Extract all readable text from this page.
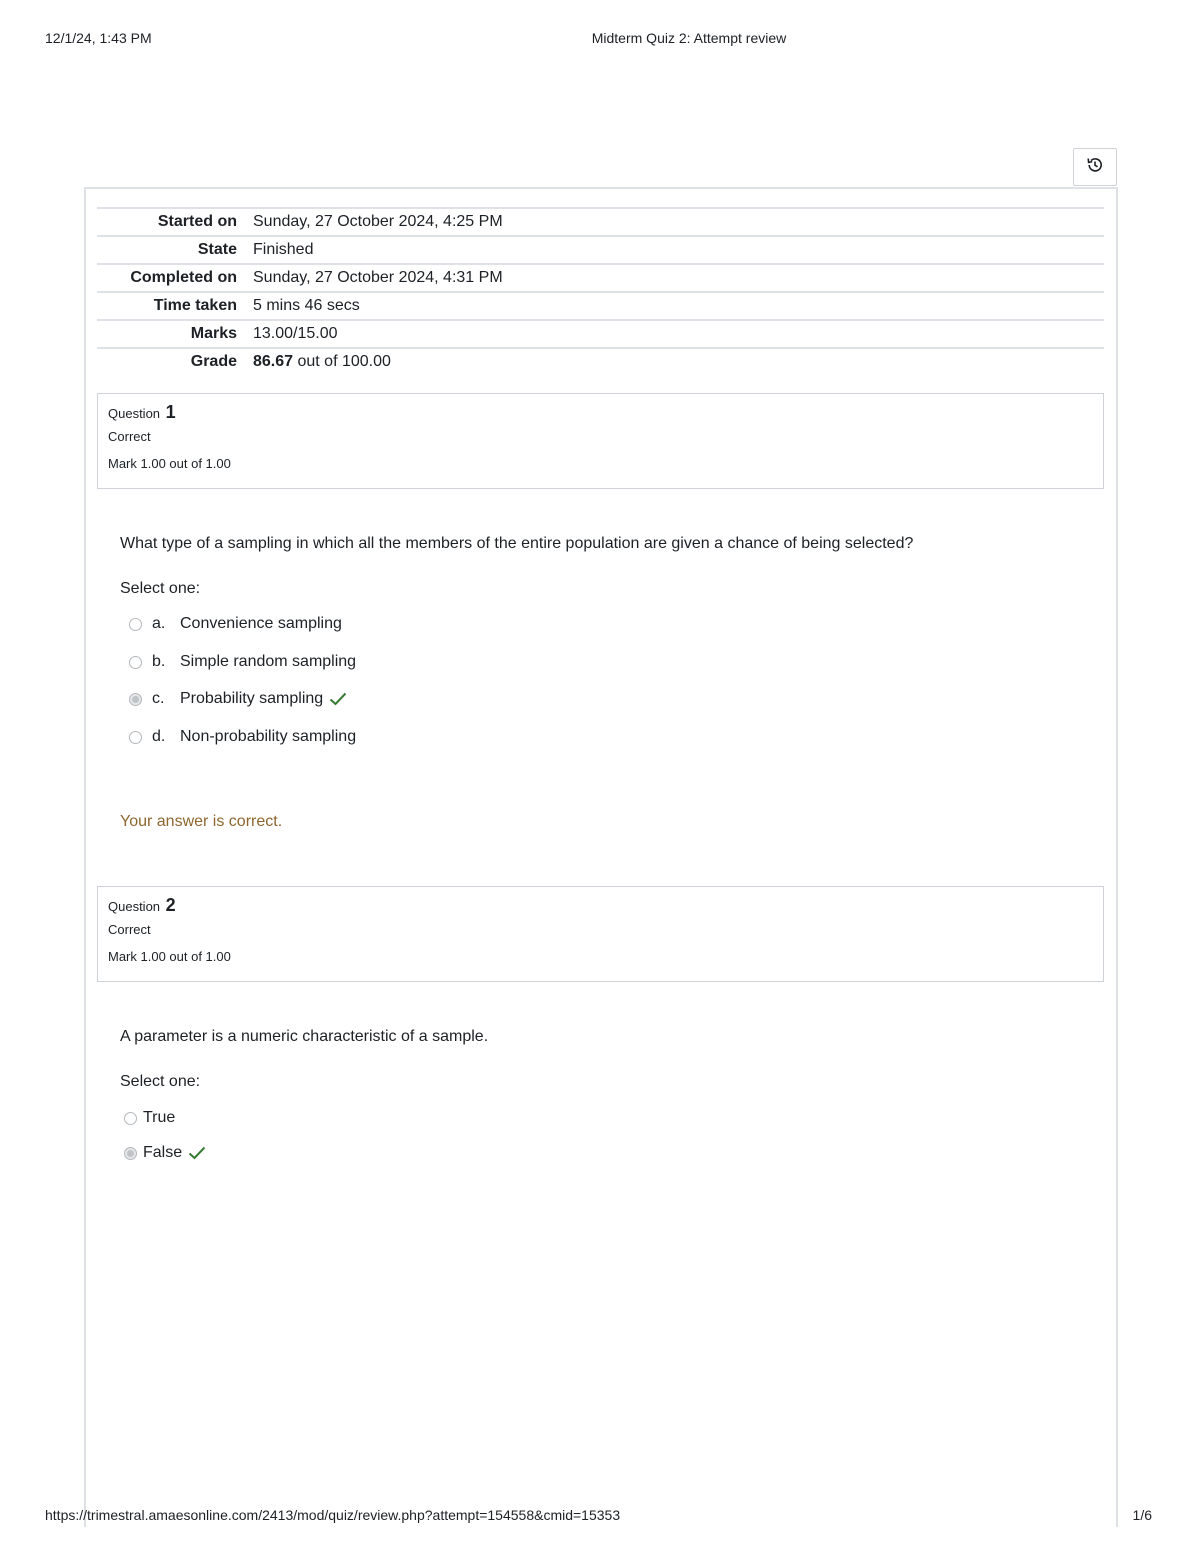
12/1/24, 1:43 PM	Midterm Quiz 2: Attempt review
Started on	Sunday, 27 October 2024, 4:25 PM
State	Finished
Completed on	Sunday, 27 October 2024, 4:31 PM
Time taken	5 mins 46 secs
Marks	13.00/15.00
Grade	86.67 out of 100.00
Question 1
Correct
Mark 1.00 out of 1.00
What type of a sampling in which all the members of the entire population are given a chance of being selected?
Select one:
a. Convenience sampling
b. Simple random sampling
c. Probability sampling
d. Non-probability sampling
Your answer is correct.
Question 2
Correct
Mark 1.00 out of 1.00
A parameter is a numeric characteristic of a sample.
Select one:
True
False
https://trimestral.amaesonline.com/2413/mod/quiz/review.php?attempt=154558&cmid=15353	1/6
